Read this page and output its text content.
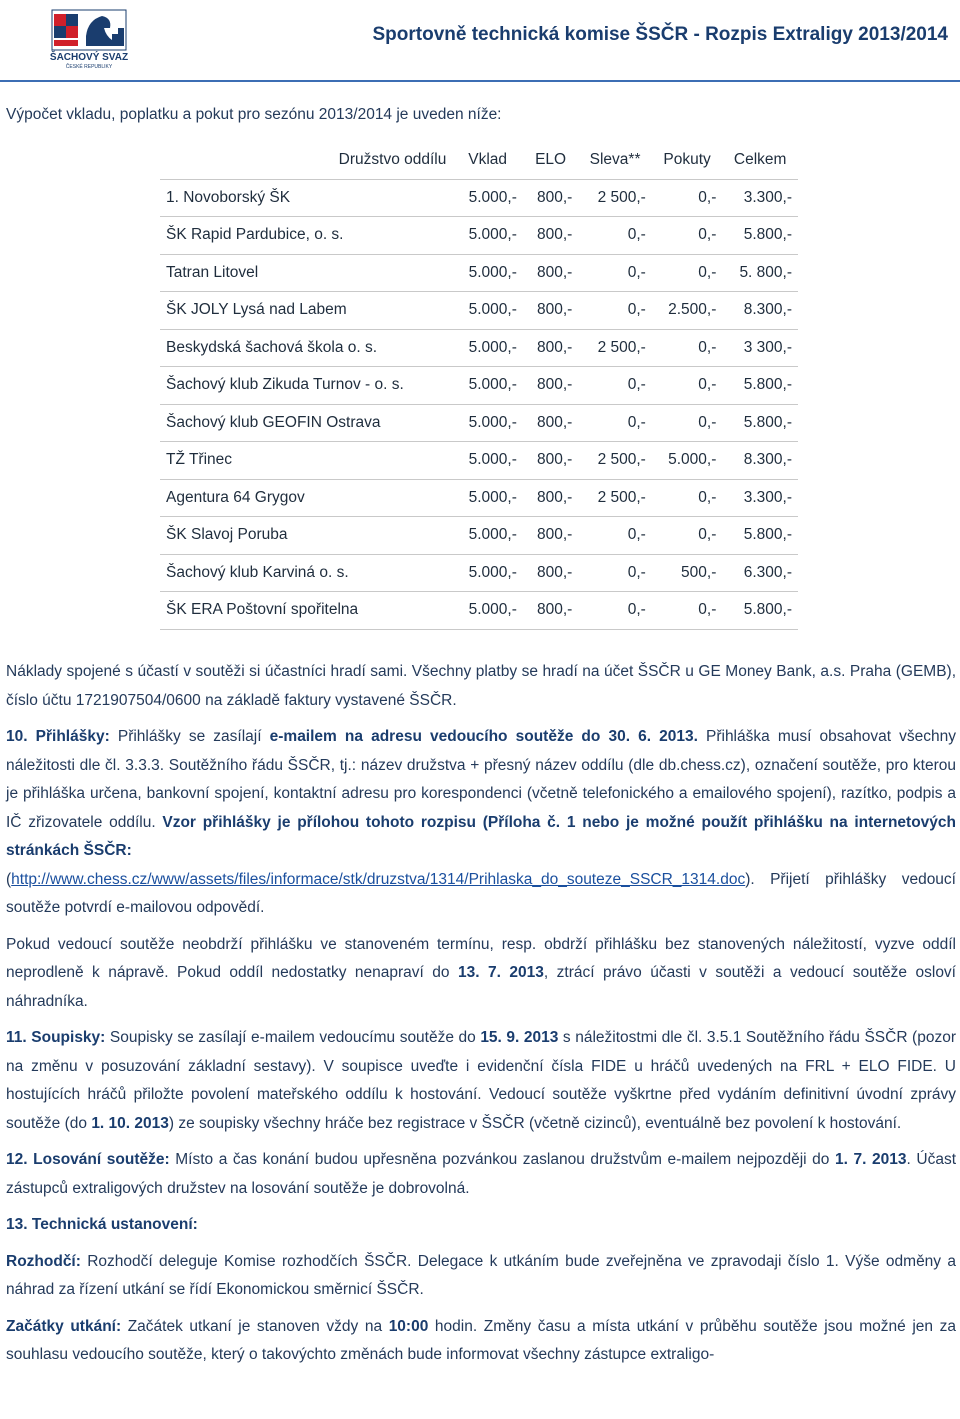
ŠACHOVÝ SVAZ
ČESKÉ REPUBLIKY
Sportovně technická komise ŠSČR - Rozpis Extraligy 2013/2014
Výpočet vkladu, poplatku a pokut pro sezónu 2013/2014 je uveden níže:
Družstvo oddílu	Vklad	ELO	Sleva**	Pokuty	Celkem
1. Novoborský ŠK	5.000,-	800,-	2 500,-	0,-	3.300,-
ŠK Rapid Pardubice, o. s.	5.000,-	800,-	0,-	0,-	5.800,-
Tatran Litovel	5.000,-	800,-	0,-	0,-	5. 800,-
ŠK JOLY Lysá nad Labem	5.000,-	800,-	0,-	2.500,-	8.300,-
Beskydská šachová škola o. s.	5.000,-	800,-	2 500,-	0,-	3 300,-
Šachový klub Zikuda Turnov - o. s.	5.000,-	800,-	0,-	0,-	5.800,-
Šachový klub GEOFIN Ostrava	5.000,-	800,-	0,-	0,-	5.800,-
TŽ Třinec	5.000,-	800,-	2 500,-	5.000,-	8.300,-
Agentura 64 Grygov	5.000,-	800,-	2 500,-	0,-	3.300,-
ŠK Slavoj Poruba	5.000,-	800,-	0,-	0,-	5.800,-
Šachový klub Karviná o. s.	5.000,-	800,-	0,-	500,-	6.300,-
ŠK ERA Poštovní spořitelna	5.000,-	800,-	0,-	0,-	5.800,-

Náklady spojené s účastí v soutěži si účastníci hradí sami. Všechny platby se hradí na účet ŠSČR u GE Money Bank, a.s. Praha (GEMB), číslo účtu 1721907504/0600 na základě faktury vystavené ŠSČR.

10. Přihlášky: Přihlášky se zasílají e-mailem na adresu vedoucího soutěže do 30. 6. 2013. Přihláška musí obsahovat všechny náležitosti dle čl. 3.3.3. Soutěžního řádu ŠSČR, tj.: název družstva + přesný název oddílu (dle db.chess.cz), označení soutěže, pro kterou je přihláška určena, bankovní spojení, kontaktní adresu pro korespondenci (včetně telefonického a emailového spojení), razítko, podpis a IČ zřizovatele oddílu. Vzor přihlášky je přílohou tohoto rozpisu (Příloha č. 1 nebo je možné použít přihlášku na internetových stránkách ŠSČR:
(http://www.chess.cz/www/assets/files/informace/stk/druzstva/1314/Prihlaska_do_souteze_SSCR_1314.doc). Přijetí přihlášky vedoucí soutěže potvrdí e-mailovou odpovědí.

Pokud vedoucí soutěže neobdrží přihlášku ve stanoveném termínu, resp. obdrží přihlášku bez stanovených náležitostí, vyzve oddíl neprodleně k nápravě. Pokud oddíl nedostatky nenapraví do 13. 7. 2013, ztrácí právo účasti v soutěži a vedoucí soutěže osloví náhradníka.

11. Soupisky: Soupisky se zasílají e-mailem vedoucímu soutěže do 15. 9. 2013 s náležitostmi dle čl. 3.5.1 Soutěžního řádu ŠSČR (pozor na změnu v posuzování základní sestavy). V soupisce uveďte i evidenční čísla FIDE u hráčů uvedených na FRL + ELO FIDE. U hostujících hráčů přiložte povolení mateřského oddílu k hostování. Vedoucí soutěže vyškrtne před vydáním definitivní úvodní zprávy soutěže (do 1. 10. 2013) ze soupisky všechny hráče bez registrace v ŠSČR (včetně cizinců), eventuálně bez povolení k hostování.

12. Losování soutěže: Místo a čas konání budou upřesněna pozvánkou zaslanou družstvům e-mailem nejpozději do 1. 7. 2013. Účast zástupců extraligových družstev na losování soutěže je dobrovolná.

13. Technická ustanovení:

Rozhodčí: Rozhodčí deleguje Komise rozhodčích ŠSČR. Delegace k utkáním bude zveřejněna ve zpravodaji číslo 1. Výše odměny a náhrad za řízení utkání se řídí Ekonomickou směrnicí ŠSČR.

Začátky utkání: Začátek utkaní je stanoven vždy na 10:00 hodin. Změny času a místa utkání v průběhu soutěže jsou možné jen za souhlasu vedoucího soutěže, který o takovýchto změnách bude informovat všechny zástupce extraligo-
